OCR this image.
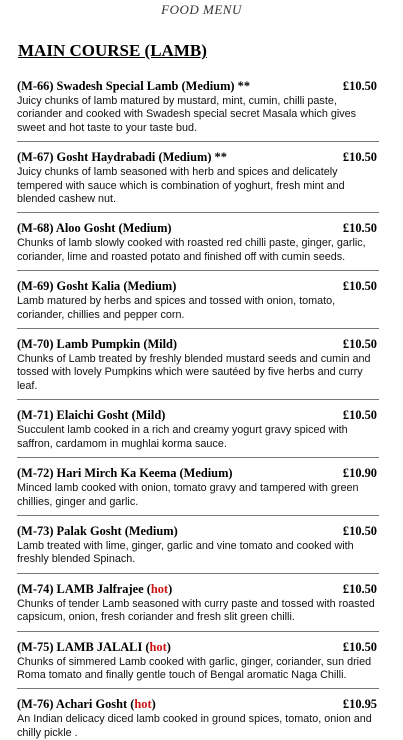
FOOD MENU
MAIN COURSE (LAMB)
(M-66) Swadesh Special Lamb (Medium) **	£10.50
Juicy chunks of lamb matured by mustard, mint, cumin, chilli paste, coriander and cooked with Swadesh special secret Masala which gives sweet and hot taste to your taste bud.
(M-67) Gosht Haydrabadi (Medium) **	£10.50
Juicy chunks of lamb seasoned with herb and spices and delicately tempered with sauce which is combination of yoghurt, fresh mint and blended cashew nut.
(M-68) Aloo Gosht (Medium)	£10.50
Chunks of lamb slowly cooked with roasted red chilli paste, ginger, garlic, coriander, lime and roasted potato and finished off with cumin seeds.
(M-69) Gosht Kalia (Medium)	£10.50
Lamb matured by herbs and spices and tossed with onion, tomato, coriander, chillies and pepper corn.
(M-70) Lamb Pumpkin (Mild)	£10.50
Chunks of Lamb treated by freshly blended mustard seeds and cumin and tossed with lovely Pumpkins which were sautéed by five herbs and curry leaf.
(M-71) Elaichi Gosht (Mild)	£10.50
Succulent lamb cooked in a rich and creamy yogurt gravy spiced with saffron, cardamom in mughlai korma sauce.
(M-72) Hari Mirch Ka Keema (Medium)	£10.90
Minced lamb cooked with onion, tomato gravy and tampered with green chillies, ginger and garlic.
(M-73) Palak Gosht (Medium)	£10.50
Lamb treated with lime, ginger, garlic and vine tomato and cooked with freshly blended Spinach.
(M-74) LAMB Jalfrajee (hot)	£10.50
Chunks of tender Lamb seasoned with curry paste and tossed with roasted capsicum, onion, fresh coriander and fresh slit green chilli.
(M-75) LAMB JALALI (hot)	£10.50
Chunks of simmered Lamb cooked with garlic, ginger, coriander, sun dried Roma tomato and finally gentle touch of Bengal aromatic Naga Chilli.
(M-76) Achari Gosht (hot)	£10.95
An Indian delicacy diced lamb cooked in ground spices, tomato, onion and chilly pickle .
